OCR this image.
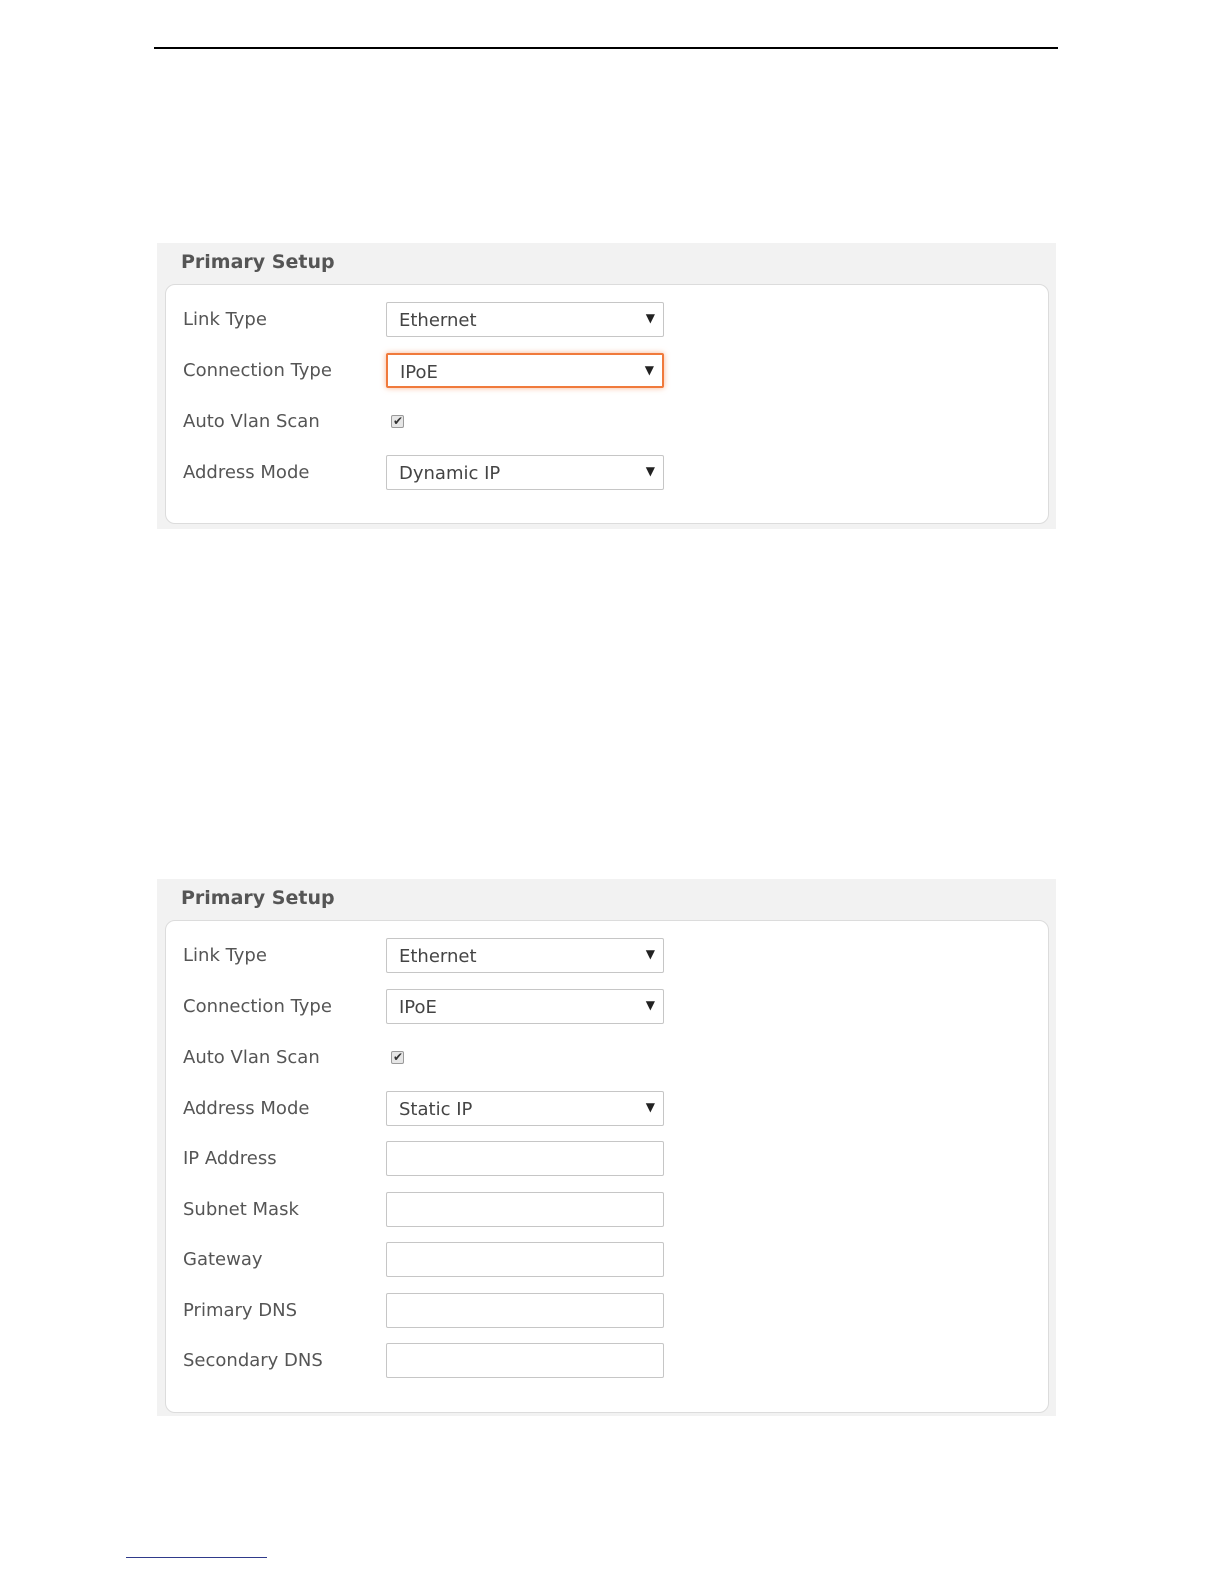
Primary Setup
Link Type	Ethernet	▼
Connection Type	IPoE	▼
Auto Vlan Scan	✔
Address Mode	Dynamic IP	▼
Primary Setup
Link Type	Ethernet	▼
Connection Type	IPoE	▼
Auto Vlan Scan	✔
Address Mode	Static IP	▼
IP Address
Subnet Mask
Gateway
Primary DNS
Secondary DNS
